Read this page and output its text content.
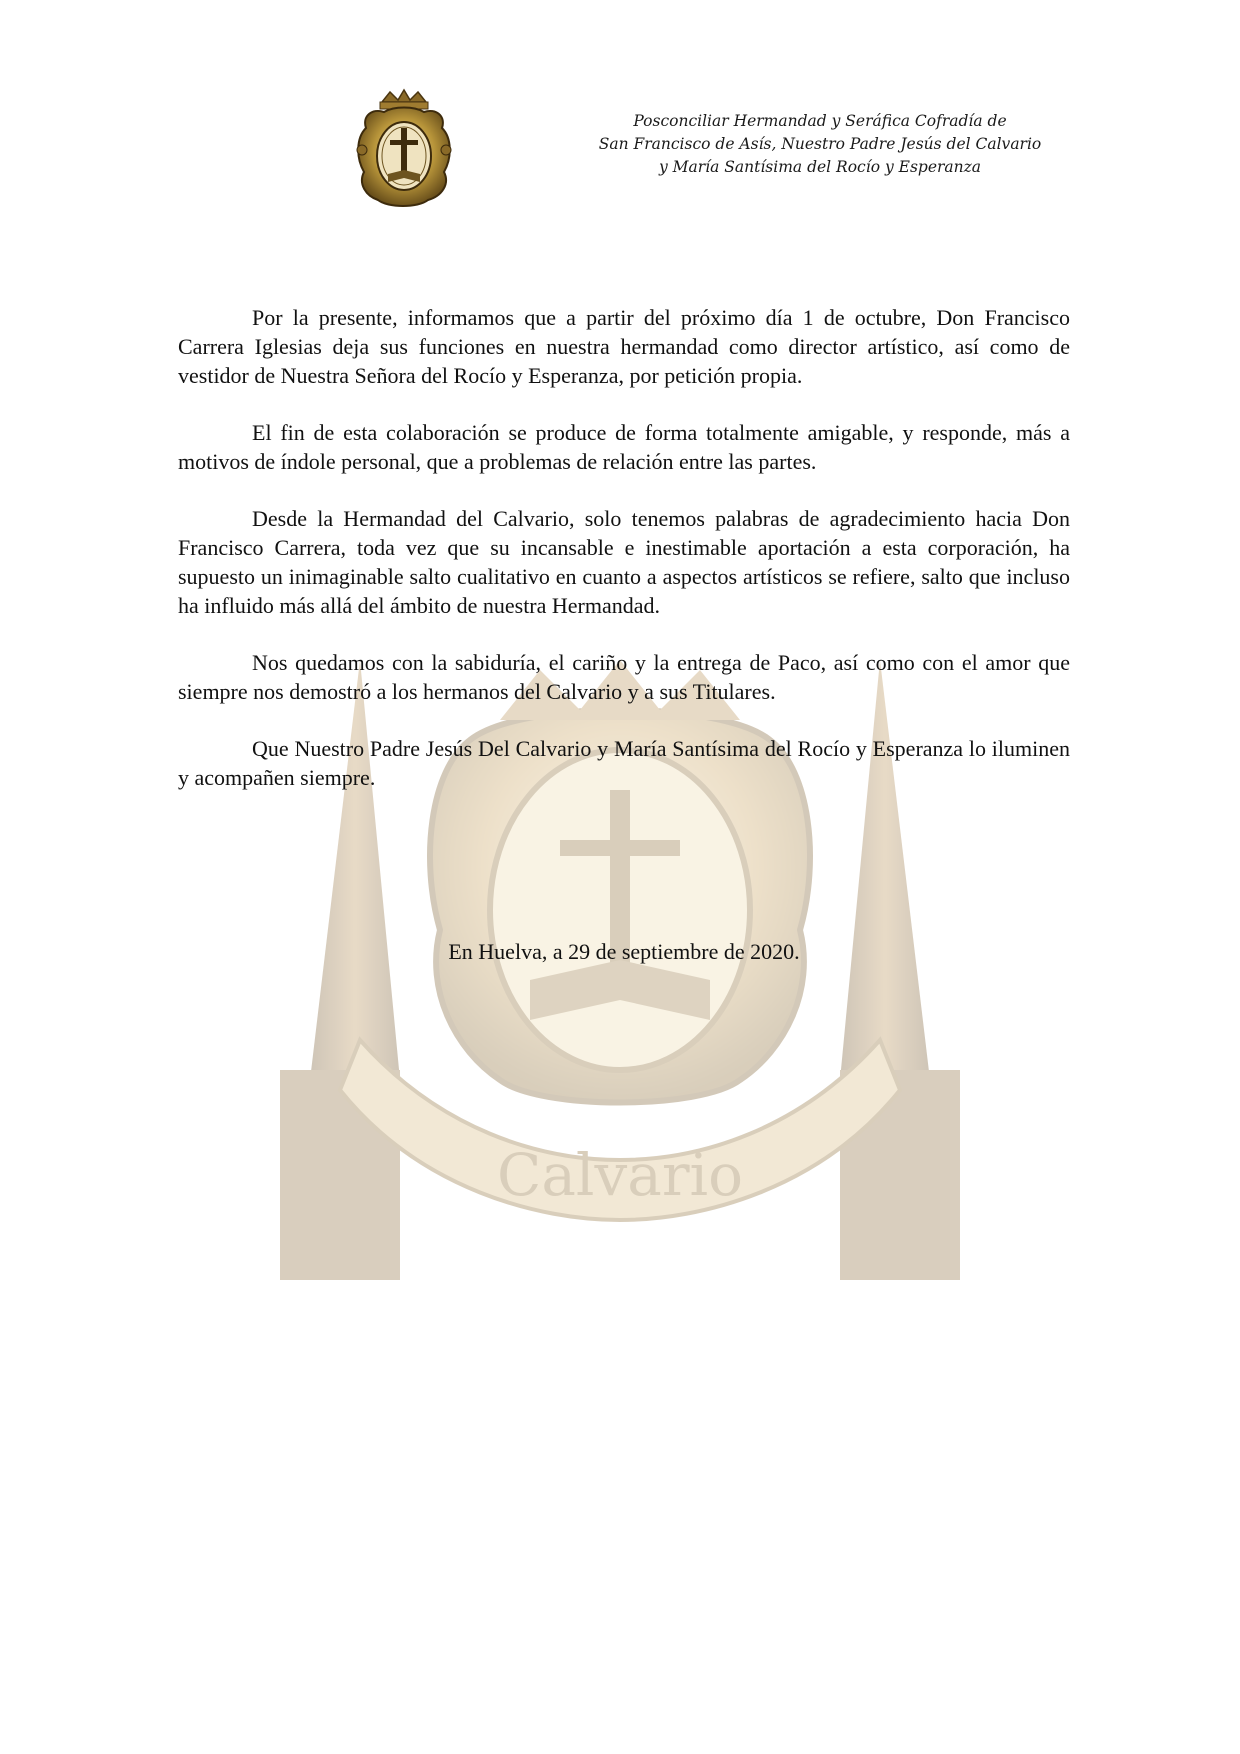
Posconciliar Hermandad y Seráfica Cofradía de
San Francisco de Asís, Nuestro Padre Jesús del Calvario
y María Santísima del Rocío y Esperanza
Calvario

Por la presente, informamos que a partir del próximo día 1 de octubre, Don Francisco Carrera Iglesias deja sus funciones en nuestra hermandad como director artístico, así como de vestidor de Nuestra Señora del Rocío y Esperanza, por petición propia.

El fin de esta colaboración se produce de forma totalmente amigable, y responde, más a motivos de índole personal, que a problemas de relación entre las partes.

Desde la Hermandad del Calvario, solo tenemos palabras de agradecimiento hacia Don Francisco Carrera, toda vez que su incansable e inestimable aportación a esta corporación, ha supuesto un inimaginable salto cualitativo en cuanto a aspectos artísticos se refiere, salto que incluso ha influido más allá del ámbito de nuestra Hermandad.

Nos quedamos con la sabiduría, el cariño y la entrega de Paco, así como con el amor que siempre nos demostró a los hermanos del Calvario y a sus Titulares.

Que Nuestro Padre Jesús Del Calvario y María Santísima del Rocío y Esperanza lo iluminen y acompañen siempre.

En Huelva, a 29 de septiembre de 2020.
